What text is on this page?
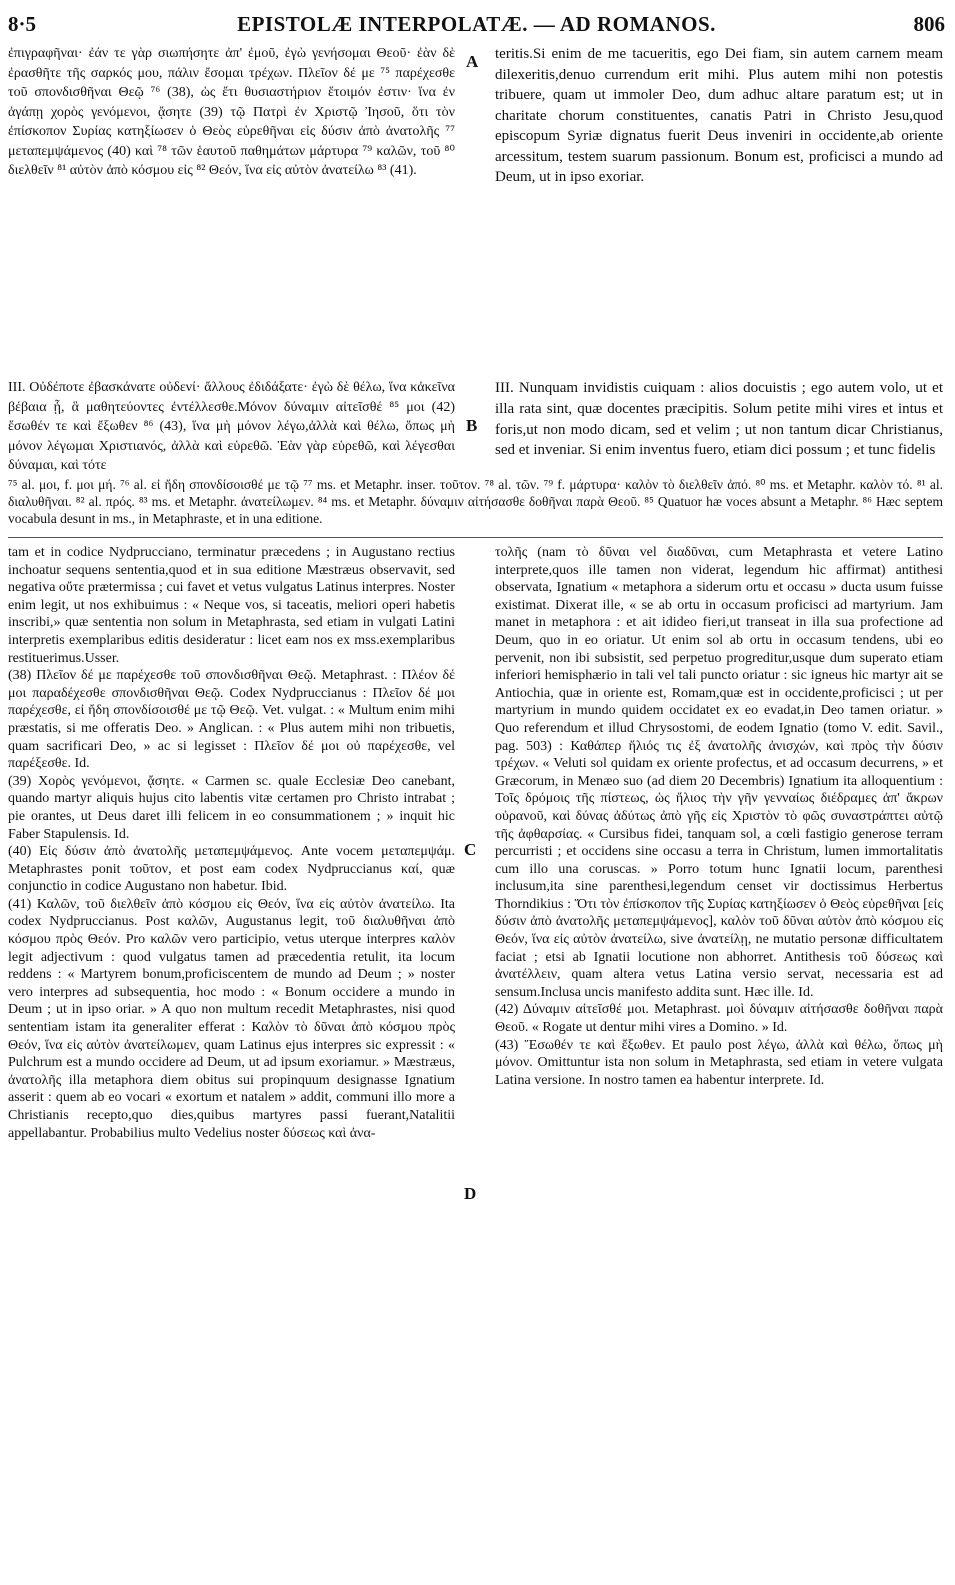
8·5	EPISTOLÆ INTERPOLATÆ. — AD ROMANOS.	806

ἐπιγραφῆναι· ἐάν τε γὰρ σιωπήσητε ἀπ' ἐμοῦ, ἐγὼ γενήσομαι Θεοῦ· ἐὰν δὲ ἐρασθῆτε τῆς σαρκός μου, πάλιν ἔσομαι τρέχων. Πλεῖον δέ με ⁷⁵ παρέχεσθε τοῦ σπονδισθῆναι Θεῷ ⁷⁶ (38), ὡς ἔτι θυσιαστήριον ἕτοιμόν ἐστιν· ἵνα ἐν ἀγάπῃ χορὸς γενόμενοι, ᾄσητε (39) τῷ Πατρὶ ἐν Χριστῷ Ἰησοῦ, ὅτι τὸν ἐπίσκοπον Συρίας κατηξίωσεν ὁ Θεὸς εὑρεθῆναι εἰς δύσιν ἀπὸ ἀνατολῆς ⁷⁷ μεταπεμψάμενος (40) καὶ ⁷⁸ τῶν ἑαυτοῦ παθημάτων μάρτυρα ⁷⁹ καλῶν, τοῦ ⁸⁰ διελθεῖν ⁸¹ αὐτὸν ἀπὸ κόσμου εἰς ⁸² Θεόν, ἵνα εἰς αὐτὸν ἀνατείλω ⁸³ (41).

teritis.Si enim de me tacueritis, ego Dei fiam, sin autem carnem meam dilexeritis,denuo currendum erit mihi. Plus autem mihi non potestis tribuere, quam ut immoler Deo, dum adhuc altare paratum est; ut in charitate chorum constituentes, canatis Patri in Christo Jesu,quod episcopum Syriæ dignatus fuerit Deus inveniri in occidente,ab oriente arcessitum, testem suarum passionum. Bonum est, proficisci a mundo ad Deum, ut in ipso exoriar.

III. Οὐδέποτε ἐβασκάνατε οὐδενί· ἄλλους ἐδιδάξατε· ἐγὼ δὲ θέλω, ἵνα κἀκεῖνα βέβαια ᾖ, ἃ μαθητεύοντες ἐντέλλεσθε.Μόνον δύναμιν αἰτεῖσθέ ⁸⁵ μοι (42) ἔσωθέν τε καὶ ἔξωθεν ⁸⁶ (43), ἵνα μὴ μόνον λέγω,ἀλλὰ καὶ θέλω, ὅπως μὴ μόνον λέγωμαι Χριστιανός, ἀλλὰ καὶ εὑρεθῶ. Ἐὰν γὰρ εὑρεθῶ, καὶ λέγεσθαι δύναμαι, καὶ τότε

III. Nunquam invidistis cuiquam : alios docuistis ; ego autem volo, ut et illa rata sint, quæ docentes præcipitis. Solum petite mihi vires et intus et foris,ut non modo dicam, sed et velim ; ut non tantum dicar Christianus, sed et inveniar. Si enim inventus fuero, etiam dici possum ; et tunc fidelis

A
B
C
D

⁷⁵ al. μοι, f. μοι μή. ⁷⁶ al. εἰ ἤδη σπονδίσοισθέ με τῷ ⁷⁷ ms. et Metaphr. inser. τοῦτον. ⁷⁸ al. τῶν. ⁷⁹ f. μάρτυρα· καλὸν τὸ διελθεῖν ἀπό. ⁸⁰ ms. et Metaphr. καλὸν τό. ⁸¹ al. διαλυθῆναι. ⁸² al. πρός. ⁸³ ms. et Metaphr. ἀνατείλωμεν. ⁸⁴ ms. et Metaphr. δύναμιν αἰτήσασθε δοθῆναι παρὰ Θεοῦ. ⁸⁵ Quatuor hæ voces absunt a Metaphr. ⁸⁶ Hæc septem vocabula desunt in ms., in Metaphraste, et in una editione.

tam et in codice Nydprucciano, terminatur præcedens ; in Augustano rectius inchoatur sequens sententia,quod et in sua editione Mæstræus observavit, sed negativa οὔτε prætermissa ; cui favet et vetus vulgatus Latinus interpres. Noster enim legit, ut nos exhibuimus : « Neque vos, si taceatis, meliori operi habetis inscribi,» quæ sententia non solum in Metaphrasta, sed etiam in vulgati Latini interpretis exemplaribus editis desideratur : licet eam nos ex mss.exemplaribus restituerimus.Usser.

(38) Πλεῖον δέ με παρέχεσθε τοῦ σπονδισθῆναι Θεῷ. Metaphrast. : Πλέον δέ μοι παραδέχεσθε σπονδισθῆναι Θεῷ. Codex Nydpruccianus : Πλεῖον δέ μοι παρέχεσθε, εἰ ἤδη σπονδίσοισθέ με τῷ Θεῷ. Vet. vulgat. : « Multum enim mihi præstatis, si me offeratis Deo. » Anglican. : « Plus autem mihi non tribuetis, quam sacrificari Deo, » ac si legisset : Πλεῖον δέ μοι οὐ παρέχεσθε, vel παρέξεσθε. Id.

(39) Χορὸς γενόμενοι, ᾄσητε. « Carmen sc. quale Ecclesiæ Deo canebant, quando martyr aliquis hujus cito labentis vitæ certamen pro Christo intrabat ; pie orantes, ut Deus daret illi felicem in eo consummationem ; » inquit hic Faber Stapulensis. Id.

(40) Εἰς δύσιν ἀπὸ ἀνατολῆς μεταπεμψάμενος. Ante vocem μεταπεμψάμ. Metaphrastes ponit τοῦτον, et post eam codex Nydpruccianus καί, quæ conjunctio in codice Augustano non habetur. Ibid.

(41) Καλῶν, τοῦ διελθεῖν ἀπὸ κόσμου εἰς Θεόν, ἵνα εἰς αὐτὸν ἀνατείλω. Ita codex Nydpruccianus. Post καλῶν, Augustanus legit, τοῦ διαλυθῆναι ἀπὸ κόσμου πρὸς Θεόν. Pro καλῶν vero participio, vetus uterque interpres καλὸν legit adjectivum : quod vulgatus tamen ad præcedentia retulit, ita locum reddens : « Martyrem bonum,proficiscentem de mundo ad Deum ; » noster vero interpres ad subsequentia, hoc modo : « Bonum occidere a mundo in Deum ; ut in ipso oriar. » A quo non multum recedit Metaphrastes, nisi quod sententiam istam ita generaliter efferat : Καλὸν τὸ δῦναι ἀπὸ κόσμου πρὸς Θεόν, ἵνα εἰς αὐτὸν ἀνατείλωμεν, quam Latinus ejus interpres sic expressit : « Pulchrum est a mundo occidere ad Deum, ut ad ipsum exoriamur. » Mæstræus, ἀνατολῆς illa metaphora diem obitus sui propinquum designasse Ignatium asserit : quem ab eo vocari « exortum et natalem » addit, communi illo more a Christianis recepto,quo dies,quibus martyres passi fuerant,Natalitii appellabantur. Probabilius multo Vedelius noster δύσεως καὶ ἀνα-

τολῆς (nam τὸ δῦναι vel διαδῦναι, cum Metaphrasta et vetere Latino interprete,quos ille tamen non viderat, legendum hic affirmat) antithesi observata, Ignatium « metaphora a siderum ortu et occasu » ducta usum fuisse existimat. Dixerat ille, « se ab ortu in occasum proficisci ad martyrium. Jam manet in metaphora : et ait idideo fieri,ut transeat in illa sua profectione ad Deum, quo in eo oriatur. Ut enim sol ab ortu in occasum tendens, ubi eo pervenit, non ibi subsistit, sed perpetuo progreditur,usque dum superato etiam inferiori hemisphærio in tali vel tali puncto oriatur : sic igneus hic martyr ait se Antiochia, quæ in oriente est, Romam,quæ est in occidente,proficisci ; ut per martyrium in mundo quidem occidatet ex eo evadat,in Deo tamen oriatur. » Quo referendum et illud Chrysostomi, de eodem Ignatio (tomo V. edit. Savil., pag. 503) : Καθάπερ ἥλιός τις ἐξ ἀνατολῆς ἀνισχών, καὶ πρὸς τὴν δύσιν τρέχων. « Veluti sol quidam ex oriente profectus, et ad occasum decurrens, » et Græcorum, in Menæo suo (ad diem 20 Decembris) Ignatium ita alloquentium : Τοῖς δρόμοις τῆς πίστεως, ὡς ἥλιος τὴν γῆν γενναίως διέδραμες ἀπ' ἄκρων οὐρανοῦ, καὶ δύνας ἀδύτως ἀπὸ γῆς εἰς Χριστὸν τὸ φῶς συναστράπτει αὐτῷ τῆς ἀφθαρσίας. « Cursibus fidei, tanquam sol, a cœli fastigio generose terram percurristi ; et occidens sine occasu a terra in Christum, lumen immortalitatis cum illo una coruscas. » Porro totum hunc Ignatii locum, parenthesi inclusum,ita sine parenthesi,legendum censet vir doctissimus Herbertus Thorndikius : Ὅτι τὸν ἐπίσκοπον τῆς Συρίας κατηξίωσεν ὁ Θεὸς εὑρεθῆναι [εἰς δύσιν ἀπὸ ἀνατολῆς μεταπεμψάμενος], καλὸν τοῦ δῦναι αὐτὸν ἀπὸ κόσμου εἰς Θεόν, ἵνα εἰς αὐτὸν ἀνατείλω, sive ἀνατείλῃ, ne mutatio personæ difficultatem faciat ; etsi ab Ignatii locutione non abhorret. Antithesis τοῦ δύσεως καὶ ἀνατέλλειν, quam altera vetus Latina versio servat, necessaria est ad sensum.Inclusa uncis manifesto addita sunt. Hæc ille. Id.

(42) Δύναμιν αἰτεῖσθέ μοι. Metaphrast. μοὶ δύναμιν αἰτήσασθε δοθῆναι παρὰ Θεοῦ. « Rogate ut dentur mihi vires a Domino. » Id.

(43) Ἔσωθέν τε καὶ ἔξωθεν. Et paulo post λέγω, ἀλλὰ καὶ θέλω, ὅπως μὴ μόνον. Omittuntur ista non solum in Metaphrasta, sed etiam in vetere vulgata Latina versione. In nostro tamen ea habentur interprete. Id.
